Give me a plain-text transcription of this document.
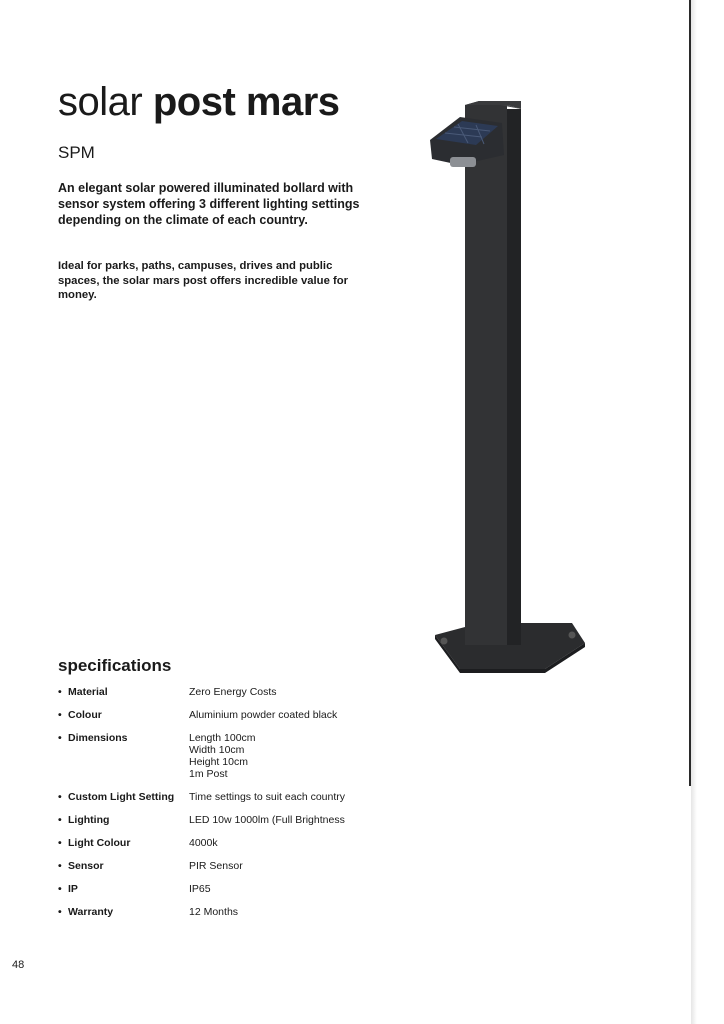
solar post mars
SPM

An elegant solar powered illuminated bollard with sensor system offering 3 different lighting settings depending on the climate of each country.

Ideal for parks, paths, campuses, drives and public spaces, the solar mars post offers incredible value for money.

specifications
• Material	Zero Energy Costs
• Colour	Aluminium powder coated black
• Dimensions	Length 100cm
Width 10cm
Height 10cm
1m Post
• Custom Light Setting	Time settings to suit each country
• Lighting	LED 10w 1000lm (Full Brightness
• Light Colour	4000k
• Sensor	PIR Sensor
• IP	IP65
• Warranty	12 Months
48
